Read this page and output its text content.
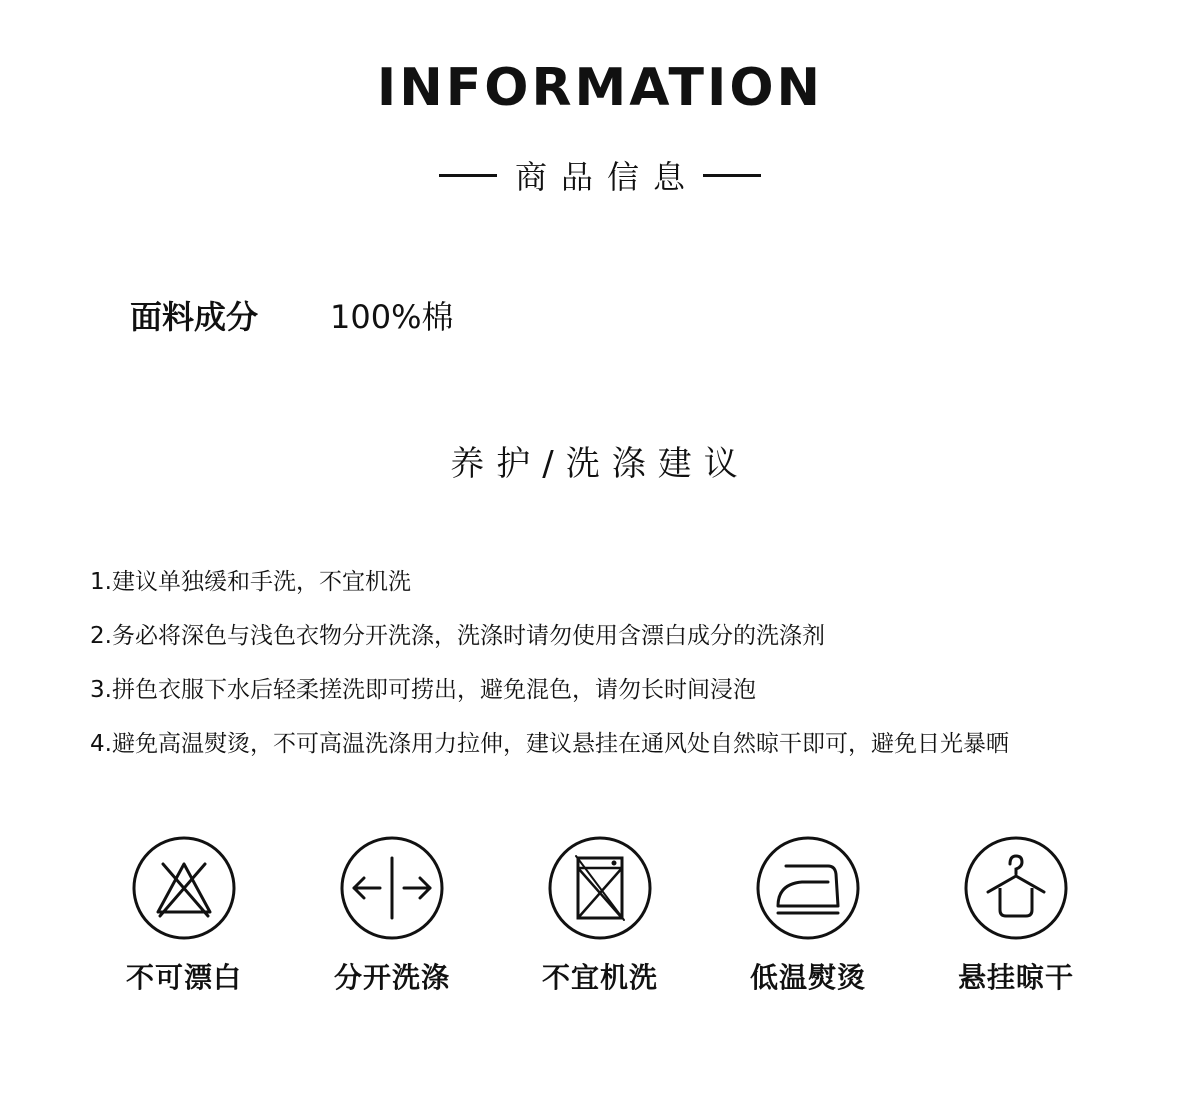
INFORMATION
商品信息
面料成分	100%棉
养护/洗涤建议
1.建议单独缓和手洗，不宜机洗
2.务必将深色与浅色衣物分开洗涤，洗涤时请勿使用含漂白成分的洗涤剂
3.拼色衣服下水后轻柔搓洗即可捞出，避免混色，请勿长时间浸泡
4.避免高温熨烫，不可高温洗涤用力拉伸，建议悬挂在通风处自然晾干即可，避免日光暴晒
不可漂白	分开洗涤	不宜机洗	低温熨烫	悬挂晾干
